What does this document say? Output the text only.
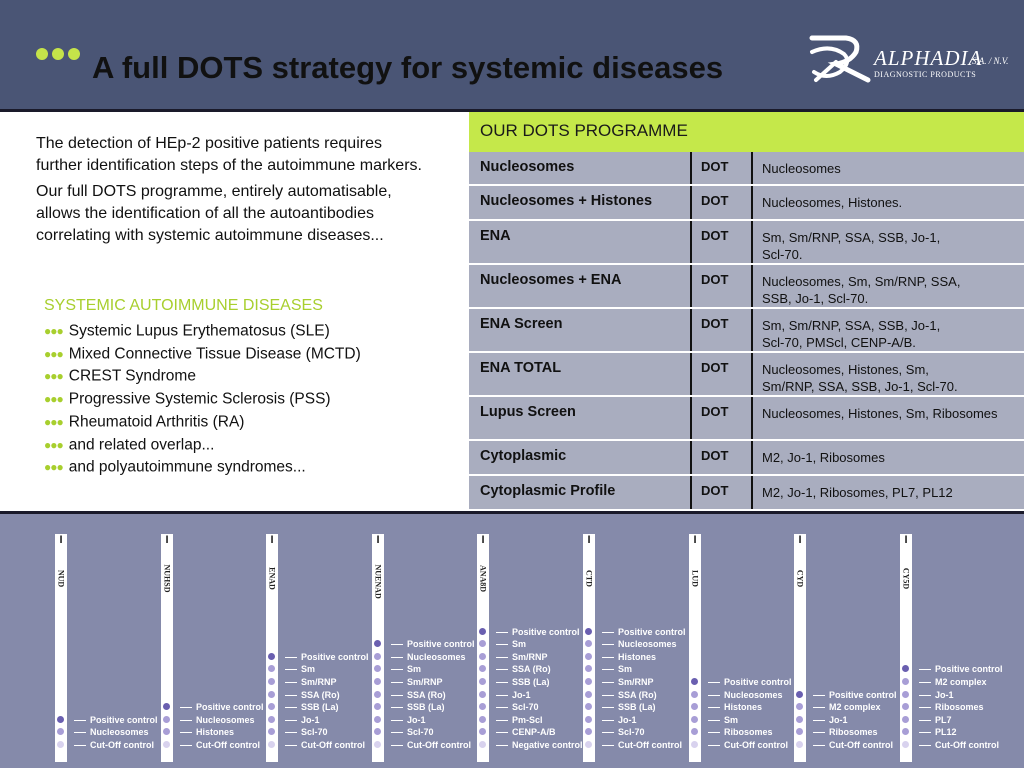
A full DOTS strategy for systemic diseases	ALPHADIA
S.A. / N.V.
DIAGNOSTIC PRODUCTS
The detection of HEp-2 positive patients requires
further identification steps of the autoimmune markers.
Our full DOTS programme, entirely automatisable,
allows the identification of all the autoantibodies
correlating with systemic autoimmune diseases...
SYSTEMIC AUTOIMMUNE DISEASES
●●● Systemic Lupus Erythematosus (SLE)
●●● Mixed Connective Tissue Disease (MCTD)
●●● CREST Syndrome
●●● Progressive Systemic Sclerosis (PSS)
●●● Rheumatoid Arthritis (RA)
●●● and related overlap...
●●● and polyautoimmune syndromes...
OUR DOTS PROGRAMME
Nucleosomes	DOT	Nucleosomes
Nucleosomes + Histones	DOT	Nucleosomes, Histones.
ENA	DOT	Sm, Sm/RNP, SSA, SSB, Jo-1,
Scl-70.
Nucleosomes + ENA	DOT	Nucleosomes, Sm, Sm/RNP, SSA,
SSB, Jo-1, Scl-70.
ENA Screen	DOT	Sm, Sm/RNP, SSA, SSB, Jo-1,
Scl-70, PMScl, CENP-A/B.
ENA TOTAL	DOT	Nucleosomes, Histones, Sm,
Sm/RNP, SSA, SSB, Jo-1, Scl-70.
Lupus Screen	DOT	Nucleosomes, Histones, Sm, Ribosomes
Cytoplasmic	DOT	M2, Jo-1, Ribosomes
Cytoplasmic Profile	DOT	M2, Jo-1, Ribosomes, PL7, PL12
I
NUD
Positive control
Nucleosomes
Cut-Off control
I
NUHSD
Positive control
Nucleosomes
Histones
Cut-Off control
I
ENAD
Positive control
Sm
Sm/RNP
SSA (Ro)
SSB (La)
Jo-1
Scl-70
Cut-Off control
I
NUENAD
Positive control
Nucleosomes
Sm
Sm/RNP
SSA (Ro)
SSB (La)
Jo-1
Scl-70
Cut-Off control
I
ANA8D
Positive control
Sm
Sm/RNP
SSA (Ro)
SSB (La)
Jo-1
Scl-70
Pm-Scl
CENP-A/B
Negative control
I
CTD
Positive control
Nucleosomes
Histones
Sm
Sm/RNP
SSA (Ro)
SSB (La)
Jo-1
Scl-70
Cut-Off control
I
LUD
Positive control
Nucleosomes
Histones
Sm
Ribosomes
Cut-Off control
I
CYD
Positive control
M2 complex
Jo-1
Ribosomes
Cut-Off control
I
CY5D
Positive control
M2 complex
Jo-1
Ribosomes
PL7
PL12
Cut-Off control
